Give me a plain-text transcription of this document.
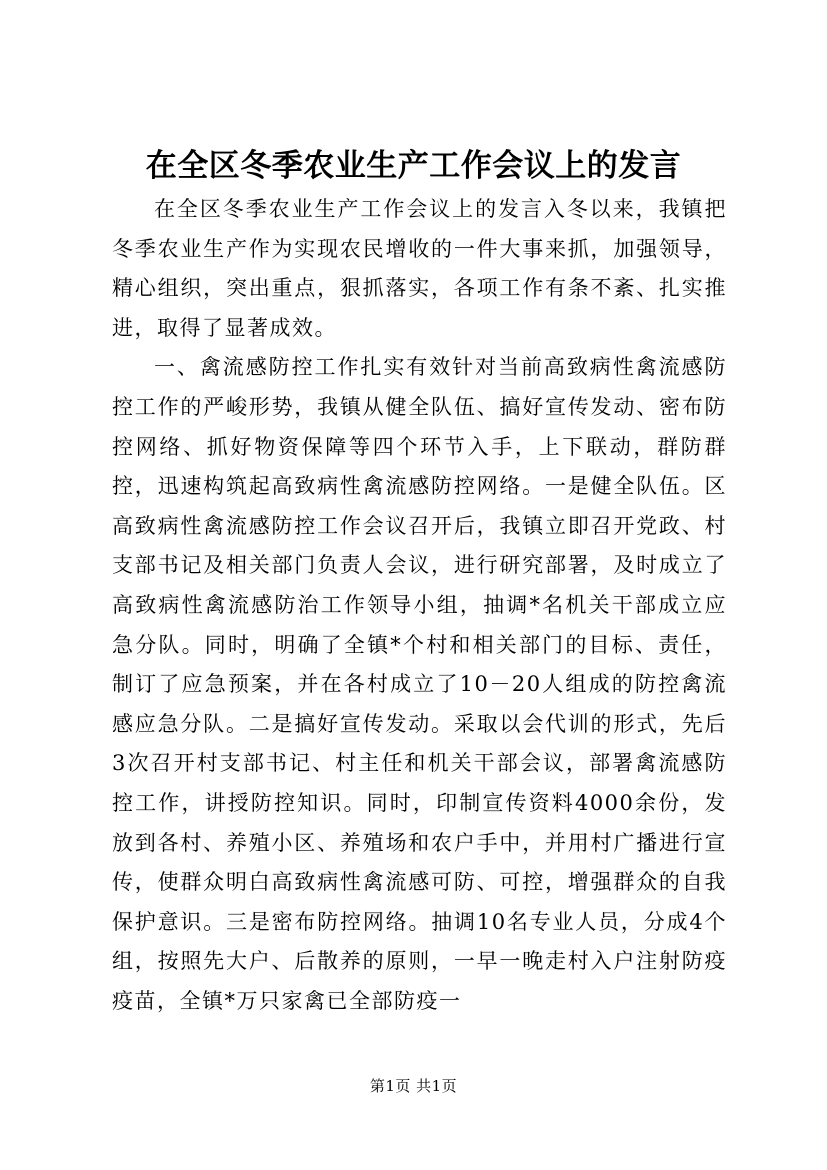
在全区冬季农业生产工作会议上的发言

在全区冬季农业生产工作会议上的发言入冬以来，我镇把冬季农业生产作为实现农民增收的一件大事来抓，加强领导，精心组织，突出重点，狠抓落实，各项工作有条不紊、扎实推进，取得了显著成效。

一、禽流感防控工作扎实有效针对当前高致病性禽流感防控工作的严峻形势，我镇从健全队伍、搞好宣传发动、密布防控网络、抓好物资保障等四个环节入手，上下联动，群防群控，迅速构筑起高致病性禽流感防控网络。一是健全队伍。区高致病性禽流感防控工作会议召开后，我镇立即召开党政、村支部书记及相关部门负责人会议，进行研究部署，及时成立了高致病性禽流感防治工作领导小组，抽调*名机关干部成立应急分队。同时，明确了全镇*个村和相关部门的目标、责任，制订了应急预案，并在各村成立了10－20人组成的防控禽流感应急分队。二是搞好宣传发动。采取以会代训的形式，先后3次召开村支部书记、村主任和机关干部会议，部署禽流感防控工作，讲授防控知识。同时，印制宣传资料4000余份，发放到各村、养殖小区、养殖场和农户手中，并用村广播进行宣传，使群众明白高致病性禽流感可防、可控，增强群众的自我保护意识。三是密布防控网络。抽调10名专业人员，分成4个组，按照先大户、后散养的原则，一早一晚走村入户注射防疫疫苗，全镇*万只家禽已全部防疫一

第1页 共1页
